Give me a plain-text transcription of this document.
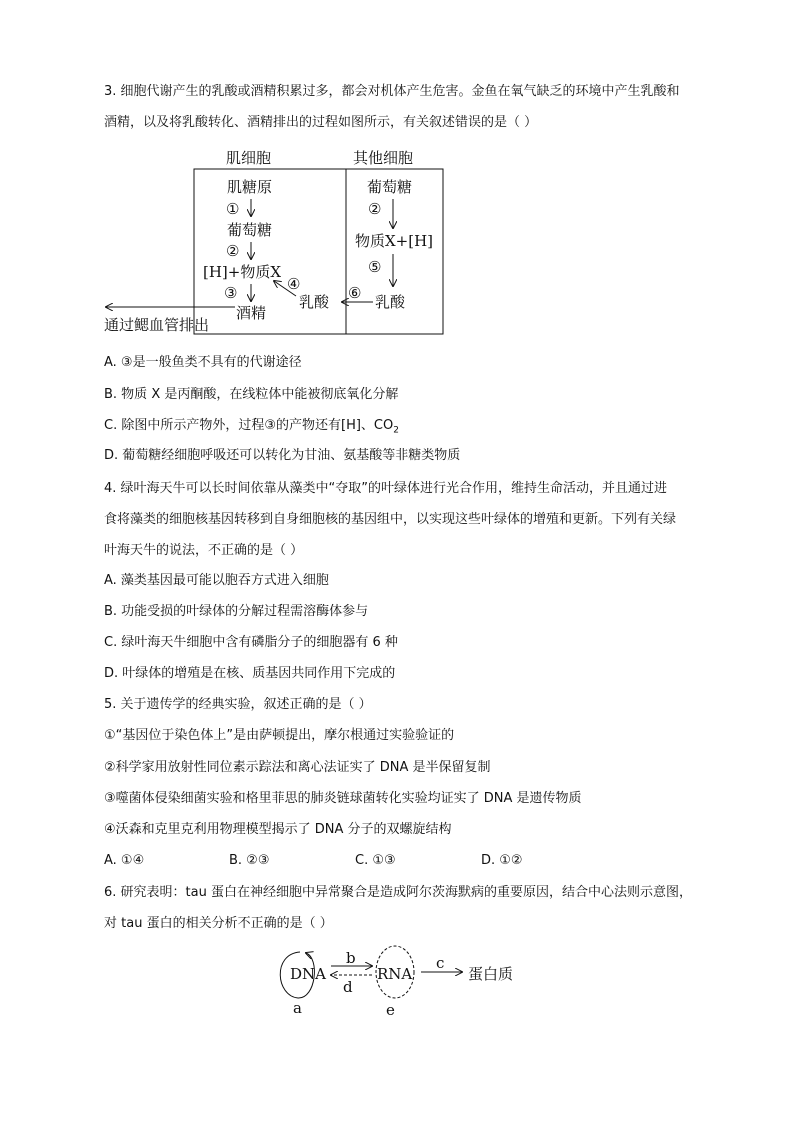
3. 细胞代谢产生的乳酸或酒精积累过多，都会对机体产生危害。金鱼在氧气缺乏的环境中产生乳酸和
酒精，以及将乳酸转化、酒精排出的过程如图所示，有关叙述错误的是（ ）
肌细胞	其他细胞
肌糖原
①
葡萄糖
②
[H]+物质X
④
③
酒精
乳酸
葡萄糖
②
物质X+[H]
⑤
乳酸
⑥
通过鳃血管排出
A. ③是一般鱼类不具有的代谢途径
B. 物质 X 是丙酮酸，在线粒体中能被彻底氧化分解
C. 除图中所示产物外，过程③的产物还有[H]、$CO_2$
D. 葡萄糖经细胞呼吸还可以转化为甘油、氨基酸等非糖类物质
4. 绿叶海天牛可以长时间依靠从藻类中“夺取”的叶绿体进行光合作用，维持生命活动，并且通过进
食将藻类的细胞核基因转移到自身细胞核的基因组中，以实现这些叶绿体的增殖和更新。下列有关绿
叶海天牛的说法，不正确的是（ ）
A. 藻类基因最可能以胞吞方式进入细胞
B. 功能受损的叶绿体的分解过程需溶酶体参与
C. 绿叶海天牛细胞中含有磷脂分子的细胞器有 6 种
D. 叶绿体的增殖是在核、质基因共同作用下完成的
5. 关于遗传学的经典实验，叙述正确的是（ ）
①“基因位于染色体上”是由萨顿提出，摩尔根通过实验验证的
②科学家用放射性同位素示踪法和离心法证实了 DNA 是半保留复制
③噬菌体侵染细菌实验和格里菲思的肺炎链球菌转化实验均证实了 DNA 是遗传物质
④沃森和克里克利用物理模型揭示了 DNA 分子的双螺旋结构
A. ①④	B. ②③	C. ①③	D. ①②
6. 研究表明：tau 蛋白在神经细胞中异常聚合是造成阿尔茨海默病的重要原因，结合中心法则示意图，
对 tau 蛋白的相关分析不正确的是（ ）
DNA
a
b
d
RNA
e
c
蛋白质
